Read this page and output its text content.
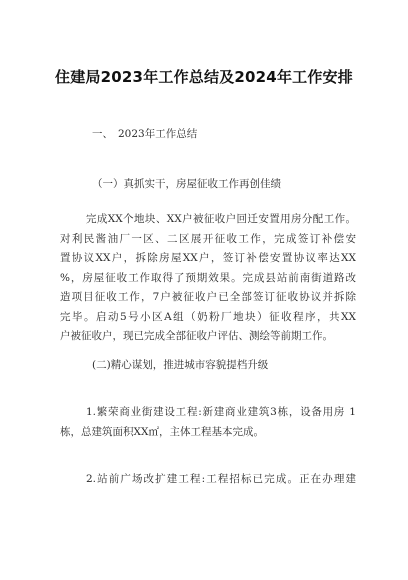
住建局2023年工作总结及2024年工作安排
一、 2023年工作总结
（一）真抓实干，房屋征收工作再创佳绩
完成XX个地块、XX户被征收户回迁安置用房分配工作。
对利民酱油厂一区、二区展开征收工作，完成签订补偿安
置协议XX户，拆除房屋XX户，签订补偿安置协议率达XX
%，房屋征收工作取得了预期效果。完成县站前南街道路改
造项目征收工作，7户被征收户已全部签订征收协议并拆除
完毕。启动5号小区A组（奶粉厂地块）征收程序，共XX
户被征收户，现已完成全部征收户评估、测绘等前期工作。
(二)精心谋划，推进城市容貌提档升级
1.繁荣商业街建设工程:新建商业建筑3栋，设备用房 1
栋，总建筑面积XX㎡，主体工程基本完成。
2.站前广场改扩建工程:工程招标已完成。正在办理建
